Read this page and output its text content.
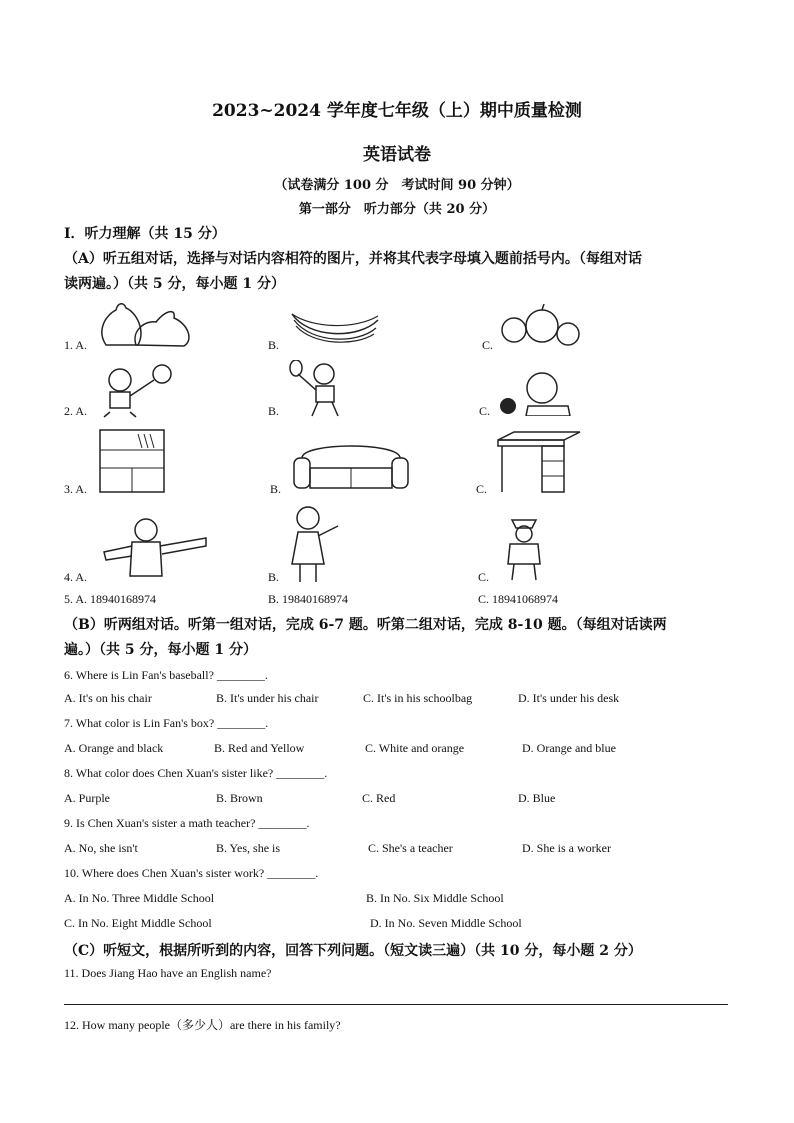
2023~2024 学年度七年级（上）期中质量检测
英语试卷
（试卷满分 100 分　考试时间 90 分钟）
第一部分　听力部分（共 20 分）
Ⅰ．听力理解（共 15 分）
（A）听五组对话，选择与对话内容相符的图片，并将其代表字母填入题前括号内。（每组对话
读两遍。）（共 5 分，每小题 1 分）
1. A.	B.	C.
2. A.	B.	C.
3. A.	B.	C.
4. A.	B.	C.
5. A. 18940168974	B. 19840168974	C. 18941068974
（B）听两组对话。听第一组对话，完成 6-7 题。听第二组对话，完成 8-10 题。（每组对话读两
遍。）（共 5 分，每小题 1 分）
6. Where is Lin Fan's baseball? ________.
A. It's on his chair	B. It's under his chair	C. It's in his schoolbag	D. It's under his desk
7. What color is Lin Fan's box? ________.
A. Orange and black	B. Red and Yellow	C. White and orange	D. Orange and blue
8. What color does Chen Xuan's sister like? ________.
A. Purple	B. Brown	C. Red	D. Blue
9. Is Chen Xuan's sister a math teacher? ________.
A. No, she isn't	B. Yes, she is	C. She's a teacher	D. She is a worker
10. Where does Chen Xuan's sister work? ________.
A. In No. Three Middle School	B. In No. Six Middle School
C. In No. Eight Middle School	D. In No. Seven Middle School
（C）听短文，根据所听到的内容，回答下列问题。（短文读三遍）（共 10 分，每小题 2 分）
11. Does Jiang Hao have an English name?
12. How many people（多少人）are there in his family?
